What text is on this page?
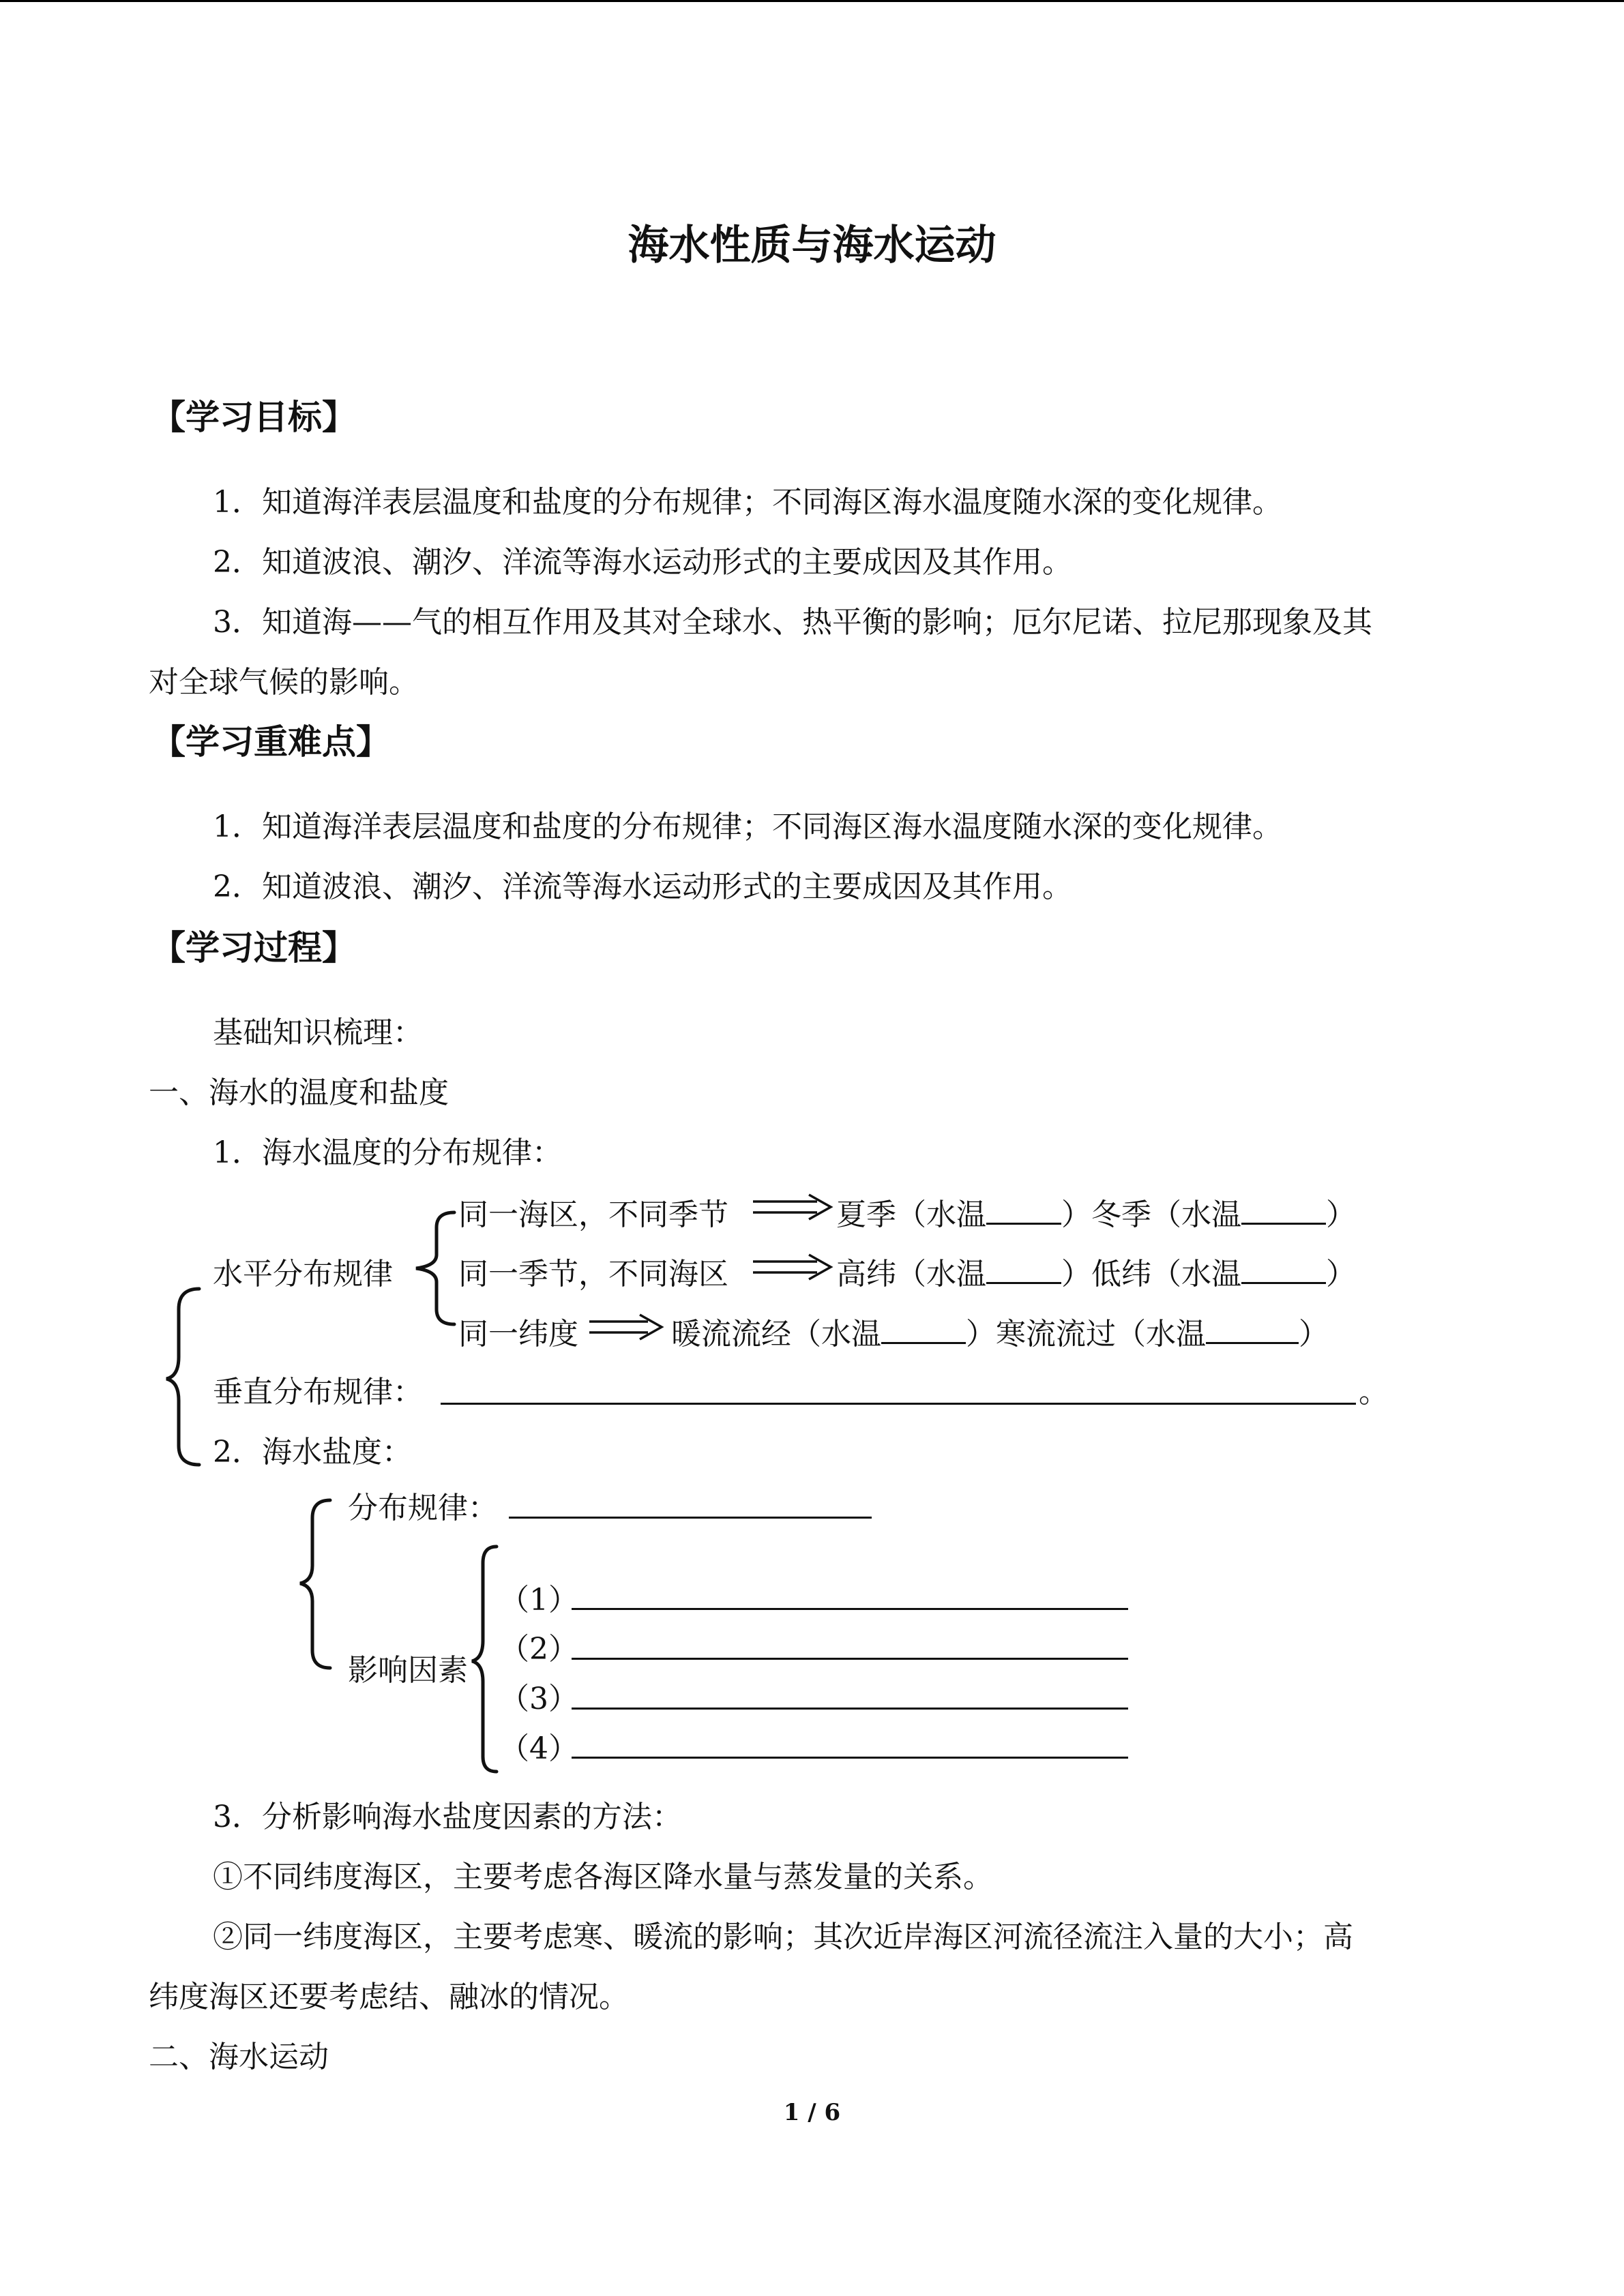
海水性质与海水运动
【学习目标】
1．知道海洋表层温度和盐度的分布规律；不同海区海水温度随水深的变化规律。
2．知道波浪、潮汐、洋流等海水运动形式的主要成因及其作用。
3．知道海——气的相互作用及其对全球水、热平衡的影响；厄尔尼诺、拉尼那现象及其
对全球气候的影响。
【学习重难点】
1．知道海洋表层温度和盐度的分布规律；不同海区海水温度随水深的变化规律。
2．知道波浪、潮汐、洋流等海水运动形式的主要成因及其作用。
【学习过程】
基础知识梳理：
一、海水的温度和盐度
1．海水温度的分布规律：
同一海区，不同季节	夏季（水温	）冬季（水温	）
水平分布规律 同一季节，不同海区	高纬（水温	）低纬（水温	）
同一纬度	暖流流经（水温	）寒流流过（水温	）
垂直分布规律：	。
2．海水盐度：
分布规律：
影响因素
（1）
（2）
（3）
（4）
3．分析影响海水盐度因素的方法：
①不同纬度海区，主要考虑各海区降水量与蒸发量的关系。
②同一纬度海区，主要考虑寒、暖流的影响；其次近岸海区河流径流注入量的大小；高
纬度海区还要考虑结、融冰的情况。
二、海水运动
1 / 6
